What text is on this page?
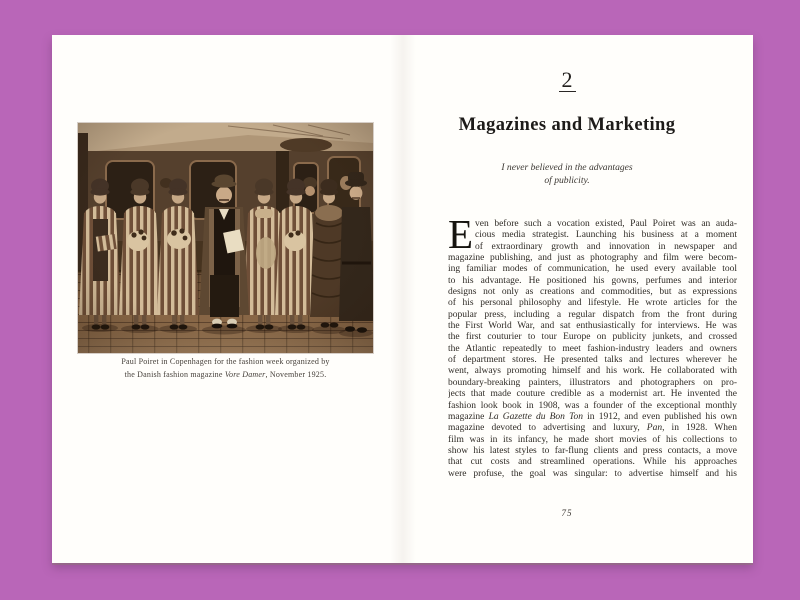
Paul Poiret in Copenhagen for the fashion week organized by
the Danish fashion magazine Vore Damer, November 1925.
2
Magazines and Marketing
I never believed in the advantages
of publicity.
E ven before such a vocation existed, Paul Poiret was an auda-
cious media strategist. Launching his business at a moment
of extraordinary growth and innovation in newspaper and
magazine publishing, and just as photography and film were becom-
ing familiar modes of communication, he used every available tool
to his advantage. He positioned his gowns, perfumes and interior
designs not only as creations and commodities, but as expressions
of his personal philosophy and lifestyle. He wrote articles for the
popular press, including a regular dispatch from the front during
the First World War, and sat enthusiastically for interviews. He was
the first couturier to tour Europe on publicity junkets, and crossed
the Atlantic repeatedly to meet fashion-industry leaders and owners
of department stores. He presented talks and lectures wherever he
went, always promoting himself and his work. He collaborated with
boundary-breaking painters, illustrators and photographers on pro-
jects that made couture credible as a modernist art. He invented the
fashion look book in 1908, was a founder of the exceptional monthly
magazine La Gazette du Bon Ton in 1912, and even published his own
magazine devoted to advertising and luxury, Pan, in 1928. When
film was in its infancy, he made short movies of his collections to
show his latest styles to far-flung clients and press contacts, a move
that cut costs and streamlined operations. While his approaches
were profuse, the goal was singular: to advertise himself and his
75
